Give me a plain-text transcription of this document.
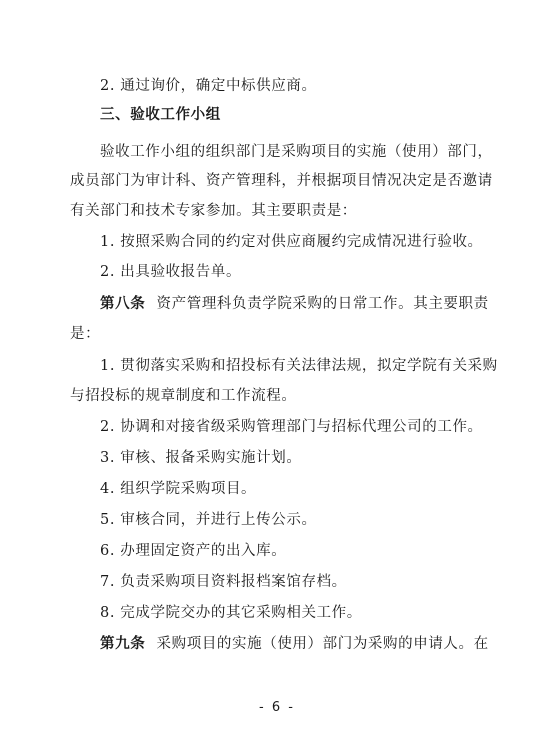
2. 通过询价，确定中标供应商。
三、验收工作小组
验收工作小组的组织部门是采购项目的实施（使用）部门，
成员部门为审计科、资产管理科，并根据项目情况决定是否邀请
有关部门和技术专家参加。其主要职责是：
1. 按照采购合同的约定对供应商履约完成情况进行验收。
2. 出具验收报告单。
第八条 资产管理科负责学院采购的日常工作。其主要职责
是：
1. 贯彻落实采购和招投标有关法律法规，拟定学院有关采购
与招投标的规章制度和工作流程。
2. 协调和对接省级采购管理部门与招标代理公司的工作。
3. 审核、报备采购实施计划。
4. 组织学院采购项目。
5. 审核合同，并进行上传公示。
6. 办理固定资产的出入库。
7. 负责采购项目资料报档案馆存档。
8. 完成学院交办的其它采购相关工作。
第九条 采购项目的实施（使用）部门为采购的申请人。在
- 6 -
